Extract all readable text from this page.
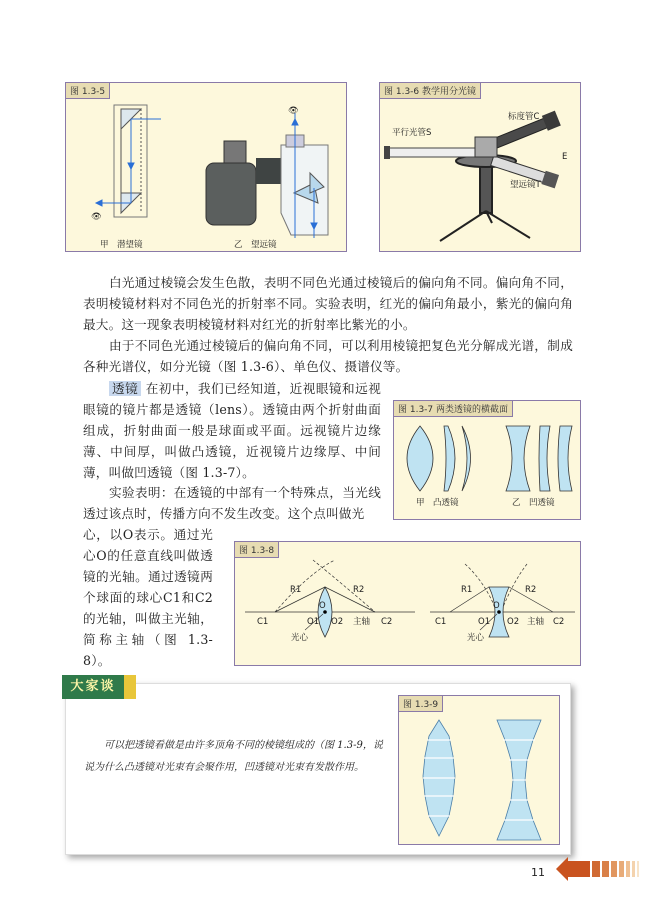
图 1.3-5
👁
👁
甲　潜望镜	乙　望远镜
图 1.3-6 教学用分光镜
平行光管S
标度管C
望远镜T
E

白光通过棱镜会发生色散，表明不同色光通过棱镜后的偏向角不同。偏向角不同，表明棱镜材料对不同色光的折射率不同。实验表明，红光的偏向角最小，紫光的偏向角最大。这一现象表明棱镜材料对红光的折射率比紫光的小。

由于不同色光通过棱镜后的偏向角不同，可以利用棱镜把复色光分解成光谱，制成各种光谱仪，如分光镜（图 1.3-6）、单色仪、摄谱仪等。

透镜 在初中，我们已经知道，近视眼镜和远视眼镜的镜片都是透镜（lens）。透镜由两个折射曲面组成，折射曲面一般是球面或平面。远视镜片边缘薄、中间厚，叫做凸透镜，近视镜片边缘厚、中间薄，叫做凹透镜（图 1.3-7）。

实验表明：在透镜的中部有一个特殊点，当光线透过该点时，传播方向不发生改变。这个点叫做光

心，以O表示。通过光心O的任意直线叫做透镜的光轴。通过透镜两个球面的球心C1和C2的光轴，叫做主光轴，简称主轴（图 1.3-8）。

图 1.3-7 两类透镜的横截面
甲　凸透镜	乙　凹透镜
图 1.3-8
R1	R2
C1	C2
O
O1 O2 主轴
光心
R1	R2
C1	C2
O
O1 O2 主轴
光心
大家谈

可以把透镜看做是由许多顶角不同的棱镜组成的（图 1.3-9，说说为什么凸透镜对光束有会聚作用，凹透镜对光束有发散作用。

图 1.3-9
11
